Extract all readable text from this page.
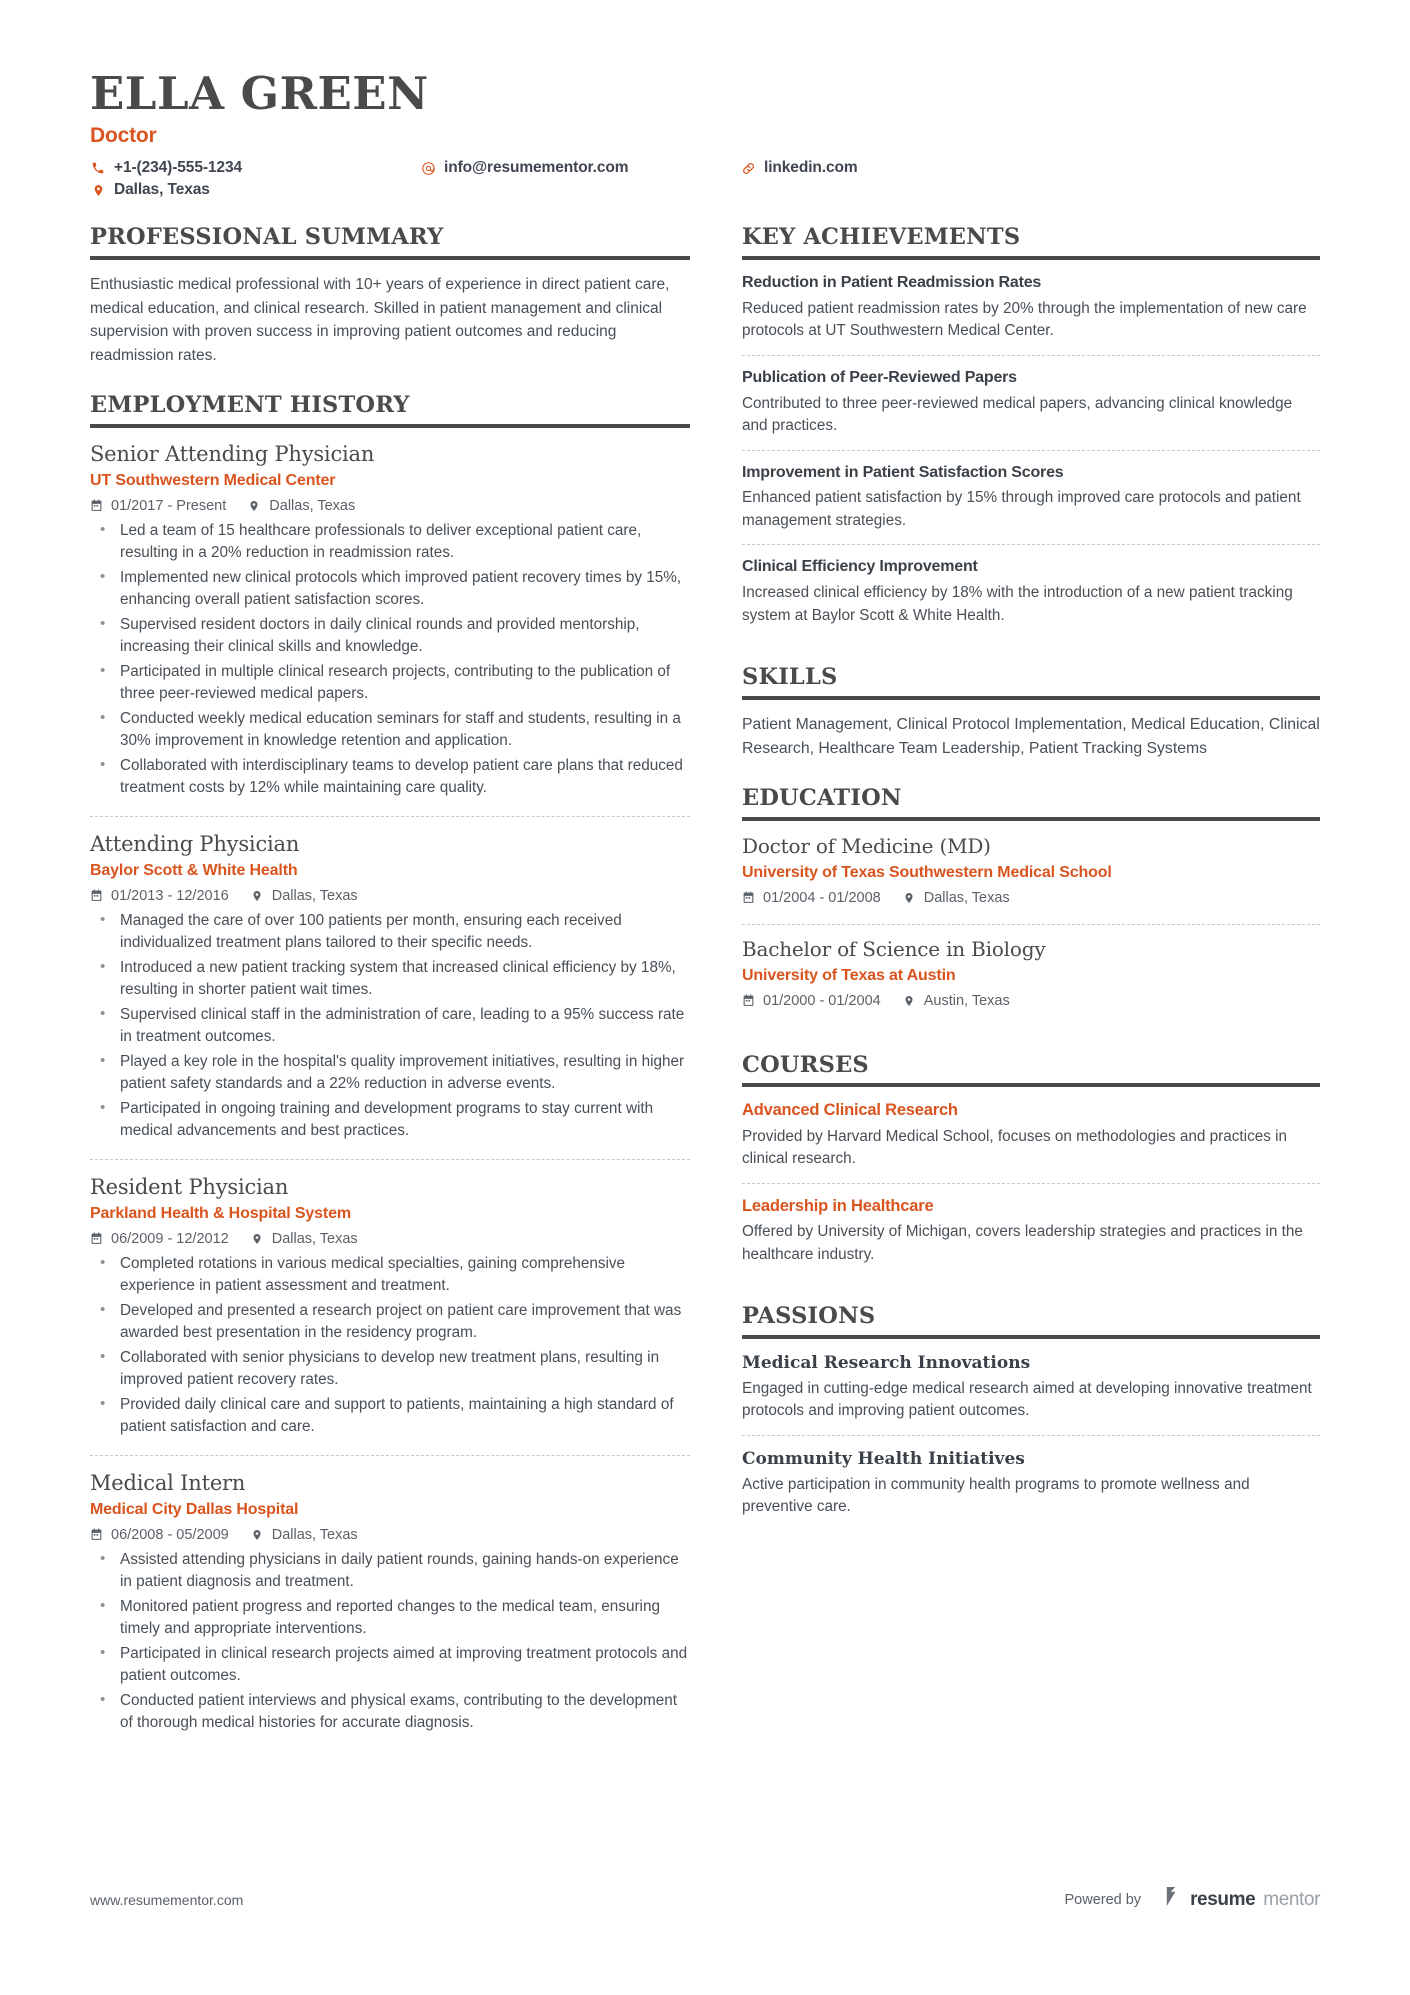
ELLA GREEN
Doctor
+1-(234)-555-1234	info@resumementor.com	linkedin.com
Dallas, Texas
PROFESSIONAL SUMMARY
Enthusiastic medical professional with 10+ years of experience in direct patient care, medical education, and clinical research. Skilled in patient management and clinical supervision with proven success in improving patient outcomes and reducing readmission rates.
EMPLOYMENT HISTORY
Senior Attending Physician
UT Southwestern Medical Center
01/2017 - Present	Dallas, Texas
• Led a team of 15 healthcare professionals to deliver exceptional patient care, resulting in a 20% reduction in readmission rates.
• Implemented new clinical protocols which improved patient recovery times by 15%, enhancing overall patient satisfaction scores.
• Supervised resident doctors in daily clinical rounds and provided mentorship, increasing their clinical skills and knowledge.
• Participated in multiple clinical research projects, contributing to the publication of three peer-reviewed medical papers.
• Conducted weekly medical education seminars for staff and students, resulting in a 30% improvement in knowledge retention and application.
• Collaborated with interdisciplinary teams to develop patient care plans that reduced treatment costs by 12% while maintaining care quality.
Attending Physician
Baylor Scott & White Health
01/2013 - 12/2016	Dallas, Texas
• Managed the care of over 100 patients per month, ensuring each received individualized treatment plans tailored to their specific needs.
• Introduced a new patient tracking system that increased clinical efficiency by 18%, resulting in shorter patient wait times.
• Supervised clinical staff in the administration of care, leading to a 95% success rate in treatment outcomes.
• Played a key role in the hospital's quality improvement initiatives, resulting in higher patient safety standards and a 22% reduction in adverse events.
• Participated in ongoing training and development programs to stay current with medical advancements and best practices.
Resident Physician
Parkland Health & Hospital System
06/2009 - 12/2012	Dallas, Texas
• Completed rotations in various medical specialties, gaining comprehensive experience in patient assessment and treatment.
• Developed and presented a research project on patient care improvement that was awarded best presentation in the residency program.
• Collaborated with senior physicians to develop new treatment plans, resulting in improved patient recovery rates.
• Provided daily clinical care and support to patients, maintaining a high standard of patient satisfaction and care.
Medical Intern
Medical City Dallas Hospital
06/2008 - 05/2009	Dallas, Texas
• Assisted attending physicians in daily patient rounds, gaining hands-on experience in patient diagnosis and treatment.
• Monitored patient progress and reported changes to the medical team, ensuring timely and appropriate interventions.
• Participated in clinical research projects aimed at improving treatment protocols and patient outcomes.
• Conducted patient interviews and physical exams, contributing to the development of thorough medical histories for accurate diagnosis.
KEY ACHIEVEMENTS
Reduction in Patient Readmission Rates
Reduced patient readmission rates by 20% through the implementation of new care protocols at UT Southwestern Medical Center.
Publication of Peer-Reviewed Papers
Contributed to three peer-reviewed medical papers, advancing clinical knowledge and practices.
Improvement in Patient Satisfaction Scores
Enhanced patient satisfaction by 15% through improved care protocols and patient management strategies.
Clinical Efficiency Improvement
Increased clinical efficiency by 18% with the introduction of a new patient tracking system at Baylor Scott & White Health.
SKILLS
Patient Management, Clinical Protocol Implementation, Medical Education, Clinical Research, Healthcare Team Leadership, Patient Tracking Systems
EDUCATION
Doctor of Medicine (MD)
University of Texas Southwestern Medical School
01/2004 - 01/2008	Dallas, Texas
Bachelor of Science in Biology
University of Texas at Austin
01/2000 - 01/2004	Austin, Texas
COURSES
Advanced Clinical Research
Provided by Harvard Medical School, focuses on methodologies and practices in clinical research.
Leadership in Healthcare
Offered by University of Michigan, covers leadership strategies and practices in the healthcare industry.
PASSIONS
Medical Research Innovations
Engaged in cutting-edge medical research aimed at developing innovative treatment protocols and improving patient outcomes.
Community Health Initiatives
Active participation in community health programs to promote wellness and preventive care.
www.resumementor.com	Powered by	resume mentor
